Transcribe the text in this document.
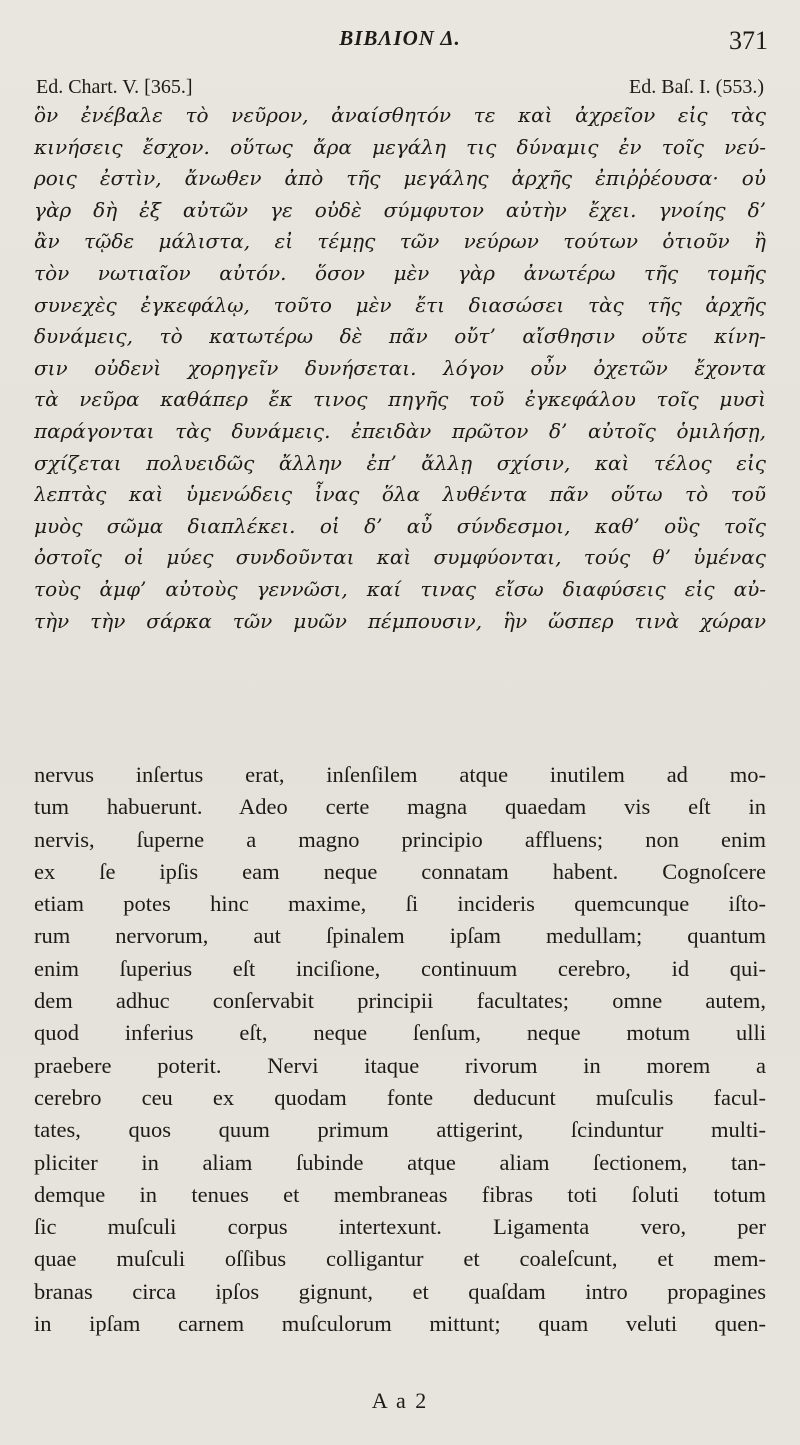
BIBΛΙΟΝ Δ.	371
Ed. Chart. V. [365.]	Ed. Baſ. I. (553.)
ὃν ἐνέβαλε τὸ νεῦρον, ἀναίσθητόν τε καὶ ἀχρεῖον εἰς τὰς
κινήσεις ἔσχον. οὕτως ἄρα μεγάλη τις δύναμις ἐν τοῖς νεύ-
ροις ἐστὶν, ἄνωθεν ἀπὸ τῆς μεγάλης ἀρχῆς ἐπιῤῥέουσα· οὐ
γὰρ δὴ ἐξ αὐτῶν γε οὐδὲ σύμφυτον αὐτὴν ἔχει. γνοίης δ’
ἂν τῷδε μάλιστα, εἰ τέμῃς τῶν νεύρων τούτων ὁτιοῦν ἢ
τὸν νωτιαῖον αὐτόν. ὅσον μὲν γὰρ ἀνωτέρω τῆς τομῆς
συνεχὲς ἐγκεφάλῳ, τοῦτο μὲν ἔτι διασώσει τὰς τῆς ἀρχῆς
δυνάμεις, τὸ κατωτέρω δὲ πᾶν οὔτ’ αἴσθησιν οὔτε κίνη-
σιν οὐδενὶ χορηγεῖν δυνήσεται. λόγον οὖν ὀχετῶν ἔχοντα
τὰ νεῦρα καθάπερ ἔκ τινος πηγῆς τοῦ ἐγκεφάλου τοῖς μυσὶ
παράγονται τὰς δυνάμεις. ἐπειδὰν πρῶτον δ’ αὐτοῖς ὁμιλήσῃ,
σχίζεται πολυειδῶς ἄλλην ἐπ’ ἄλλῃ σχίσιν, καὶ τέλος εἰς
λεπτὰς καὶ ὑμενώδεις ἶνας ὅλα λυθέντα πᾶν οὕτω τὸ τοῦ
μυὸς σῶμα διαπλέκει. οἱ δ’ αὖ σύνδεσμοι, καθ’ οὓς τοῖς
ὀστοῖς οἱ μύες συνδοῦνται καὶ συμφύονται, τούς θ’ ὑμένας
τοὺς ἀμφ’ αὐτοὺς γεννῶσι, καί τινας εἴσω διαφύσεις εἰς αὐ-
τὴν τὴν σάρκα τῶν μυῶν πέμπουσιν, ἣν ὥσπερ τινὰ χώραν
nervus inſertus erat, inſenſilem atque inutilem ad mo-
tum habuerunt. Adeo certe magna quaedam vis eſt in
nervis, ſuperne a magno principio affluens; non enim
ex ſe ipſis eam neque connatam habent. Cognoſcere
etiam potes hinc maxime, ſi incideris quemcunque iſto-
rum nervorum, aut ſpinalem ipſam medullam; quantum
enim ſuperius eſt inciſione, continuum cerebro, id qui-
dem adhuc conſervabit principii facultates; omne autem,
quod inferius eſt, neque ſenſum, neque motum ulli
praebere poterit. Nervi itaque rivorum in morem a
cerebro ceu ex quodam fonte deducunt muſculis facul-
tates, quos quum primum attigerint, ſcinduntur multi-
pliciter in aliam ſubinde atque aliam ſectionem, tan-
demque in tenues et membraneas fibras toti ſoluti totum
ſic muſculi corpus intertexunt. Ligamenta vero, per
quae muſculi oſſibus colligantur et coaleſcunt, et mem-
branas circa ipſos gignunt, et quaſdam intro propagines
in ipſam carnem muſculorum mittunt; quam veluti quen-
A a 2
